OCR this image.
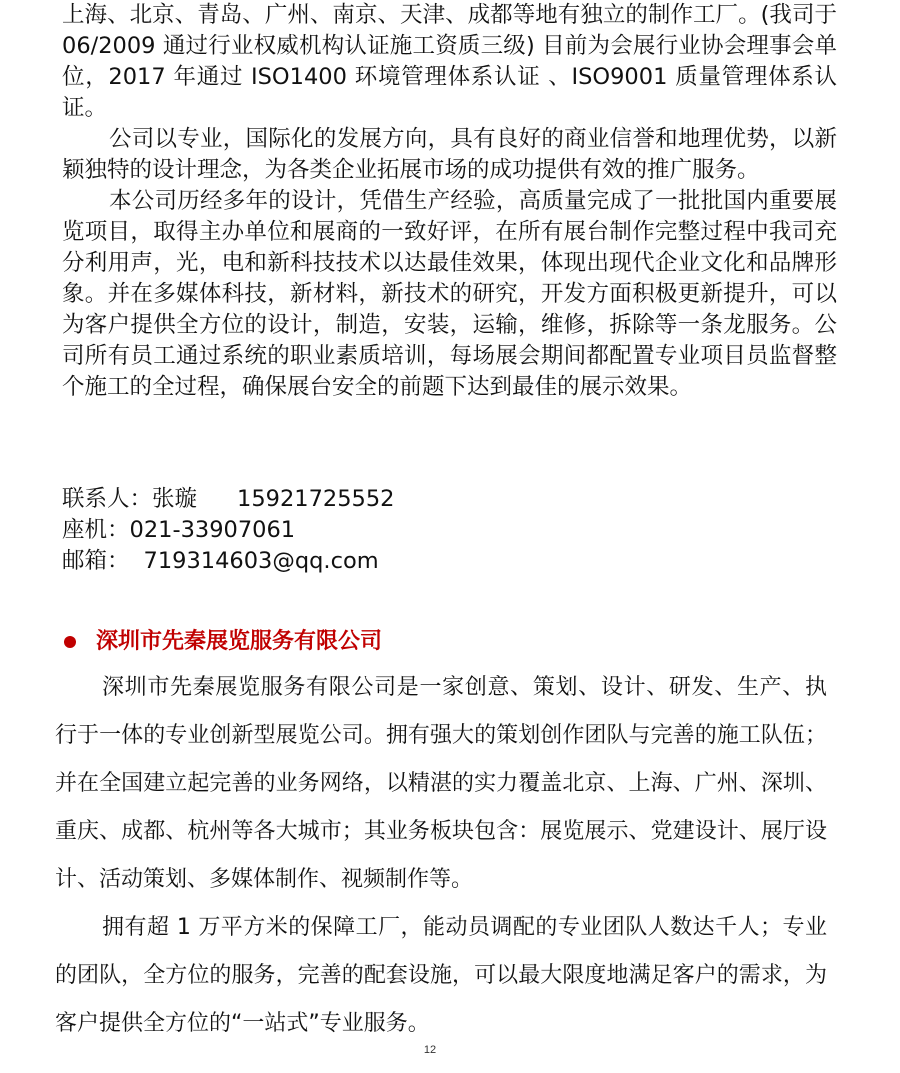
上海、北京、青岛、广州、南京、天津、成都等地有独立的制作工厂。(我司于 06/2009 通过行业权威机构认证施工资质三级) 目前为会展行业协会理事会单位，2017 年通过 ISO1400 环境管理体系认证 、ISO9001 质量管理体系认证。

公司以专业，国际化的发展方向，具有良好的商业信誉和地理优势，以新颖独特的设计理念，为各类企业拓展市场的成功提供有效的推广服务。

本公司历经多年的设计，凭借生产经验，高质量完成了一批批国内重要展览项目，取得主办单位和展商的一致好评，在所有展台制作完整过程中我司充分利用声，光，电和新科技技术以达最佳效果，体现出现代企业文化和品牌形象。并在多媒体科技，新材料，新技术的研究，开发方面积极更新提升，可以为客户提供全方位的设计，制造，安装，运输，维修，拆除等一条龙服务。公司所有员工通过系统的职业素质培训，每场展会期间都配置专业项目员监督整个施工的全过程，确保展台安全的前题下达到最佳的展示效果。

联系人：张璇 15921725552
座机：021-33907061
邮箱： 719314603@qq.com
深圳市先秦展览服务有限公司

深圳市先秦展览服务有限公司是一家创意、策划、设计、研发、生产、执行于一体的专业创新型展览公司。拥有强大的策划创作团队与完善的施工队伍；并在全国建立起完善的业务网络，以精湛的实力覆盖北京、上海、广州、深圳、重庆、成都、杭州等各大城市；其业务板块包含：展览展示、党建设计、展厅设计、活动策划、多媒体制作、视频制作等。

拥有超 1 万平方米的保障工厂，能动员调配的专业团队人数达千人；专业的团队，全方位的服务，完善的配套设施，可以最大限度地满足客户的需求，为客户提供全方位的“一站式”专业服务。

12
